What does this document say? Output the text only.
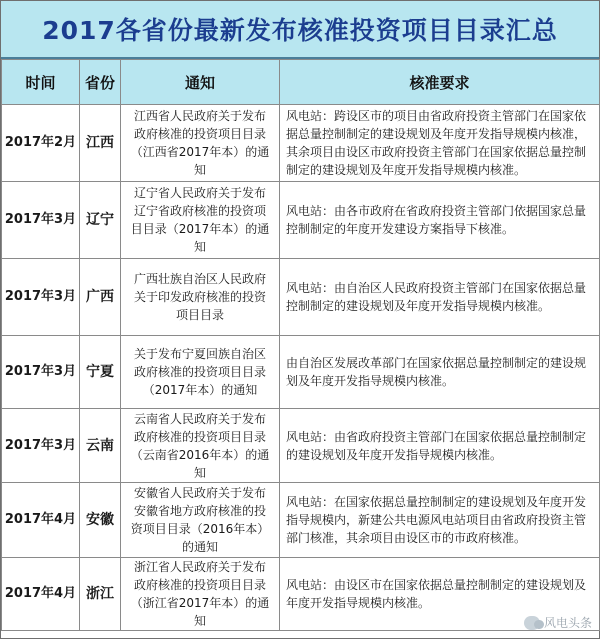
2017各省份最新发布核准投资项目目录汇总
时间	省份	通知	核准要求
2017年2月	江西	江西省人民政府关于发布政府核准的投资项目目录（江西省2017年本）的通知	风电站：跨设区市的项目由省政府投资主管部门在国家依据总量控制制定的建设规划及年度开发指导规模内核准，其余项目由设区市政府投资主管部门在国家依据总量控制制定的建设规划及年度开发指导规模内核准。
2017年3月	辽宁	辽宁省人民政府关于发布辽宁省政府核准的投资项目目录（2017年本）的通知	风电站：由各市政府在省政府投资主管部门依据国家总量控制制定的年度开发建设方案指导下核准。
2017年3月	广西	广西壮族自治区人民政府关于印发政府核准的投资项目目录	风电站：由自治区人民政府投资主管部门在国家依据总量控制制定的建设规划及年度开发指导规模内核准。
2017年3月	宁夏	关于发布宁夏回族自治区政府核准的投资项目目录（2017年本）的通知	由自治区发展改革部门在国家依据总量控制制定的建设规划及年度开发指导规模内核准。
2017年3月	云南	云南省人民政府关于发布政府核准的投资项目目录（云南省2016年本）的通知	风电站：由省政府投资主管部门在国家依据总量控制制定的建设规划及年度开发指导规模内核准。
2017年4月	安徽	安徽省人民政府关于发布安徽省地方政府核准的投资项目目录（2016年本）的通知	风电站：在国家依据总量控制制定的建设规划及年度开发指导规模内，新建公共电源风电站项目由省政府投资主管部门核准，其余项目由设区市的市政府核准。
2017年4月	浙江	浙江省人民政府关于发布政府核准的投资项目目录（浙江省2017年本）的通知	风电站：由设区市在国家依据总量控制制定的建设规划及年度开发指导规模内核准。
风电头条
